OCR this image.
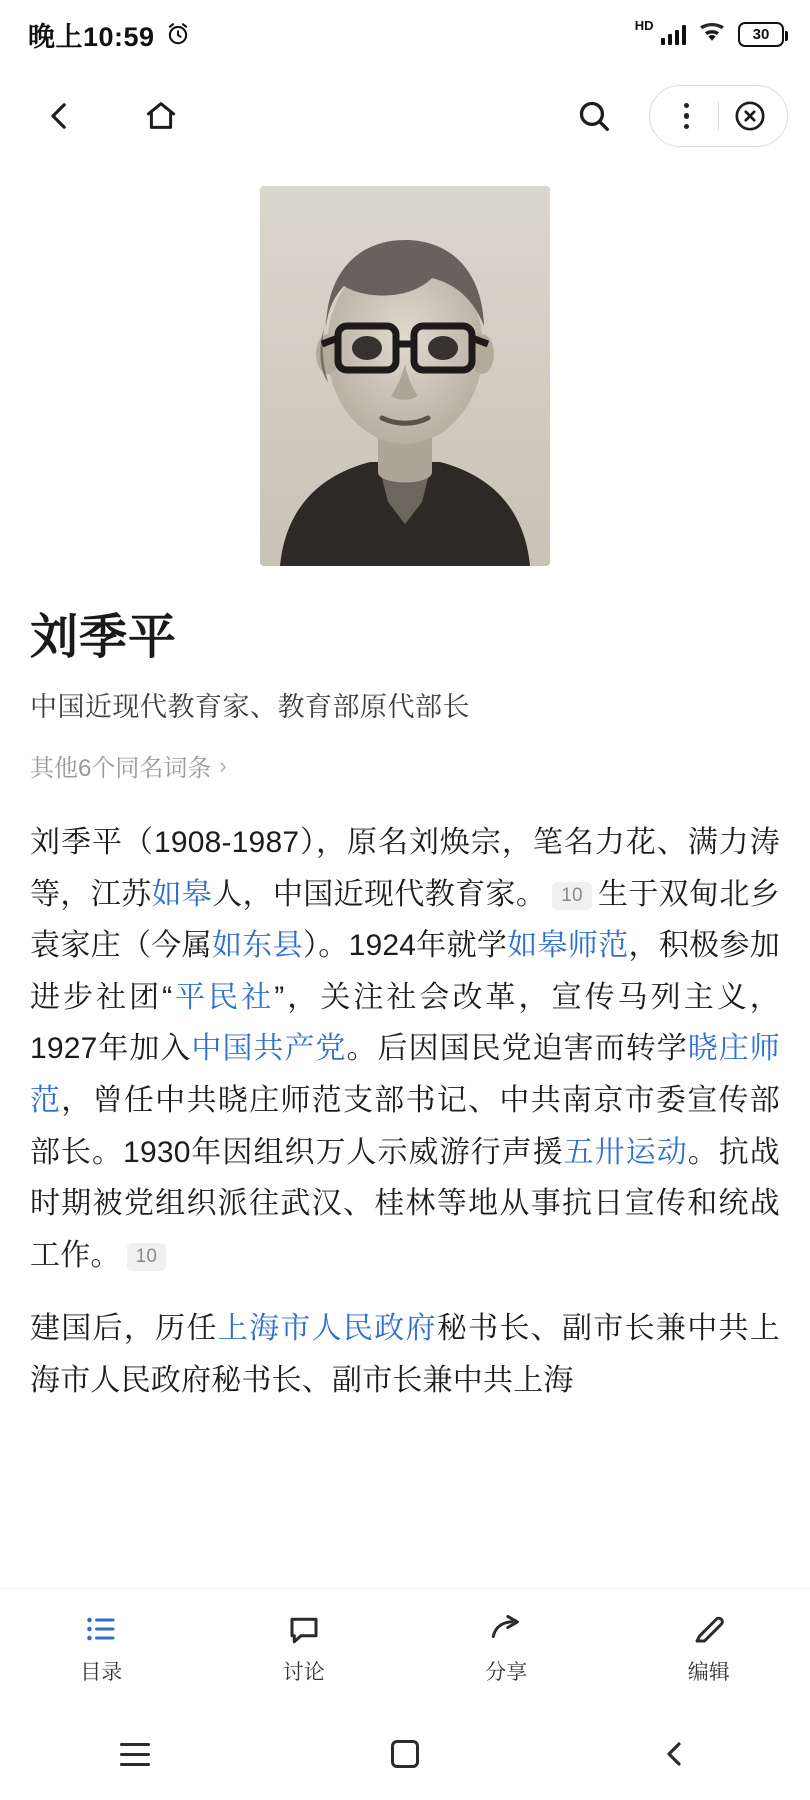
晚上10:59	HD
30
刘季平
中国近现代教育家、教育部原代部长
其他6个同名词条 ›

刘季平（1908-1987），原名刘焕宗，笔名力花、满力涛等，江苏如皋人，中国近现代教育家。 10 生于双甸北乡袁家庄（今属如东县）。1924年就学如皋师范，积极参加进步社团“平民社”，关注社会改革，宣传马列主义，1927年加入中国共产党。后因国民党迫害而转学晓庄师范，曾任中共晓庄师范支部书记、中共南京市委宣传部部长。1930年因组织万人示威游行声援五卅运动。抗战时期被党组织派往武汉、桂林等地从事抗日宣传和统战工作。 10

建国后，历任上海市人民政府秘书长、副市长兼中共上海市人民政府秘书长、副市长兼中共上海

目录	讨论	分享	编辑
